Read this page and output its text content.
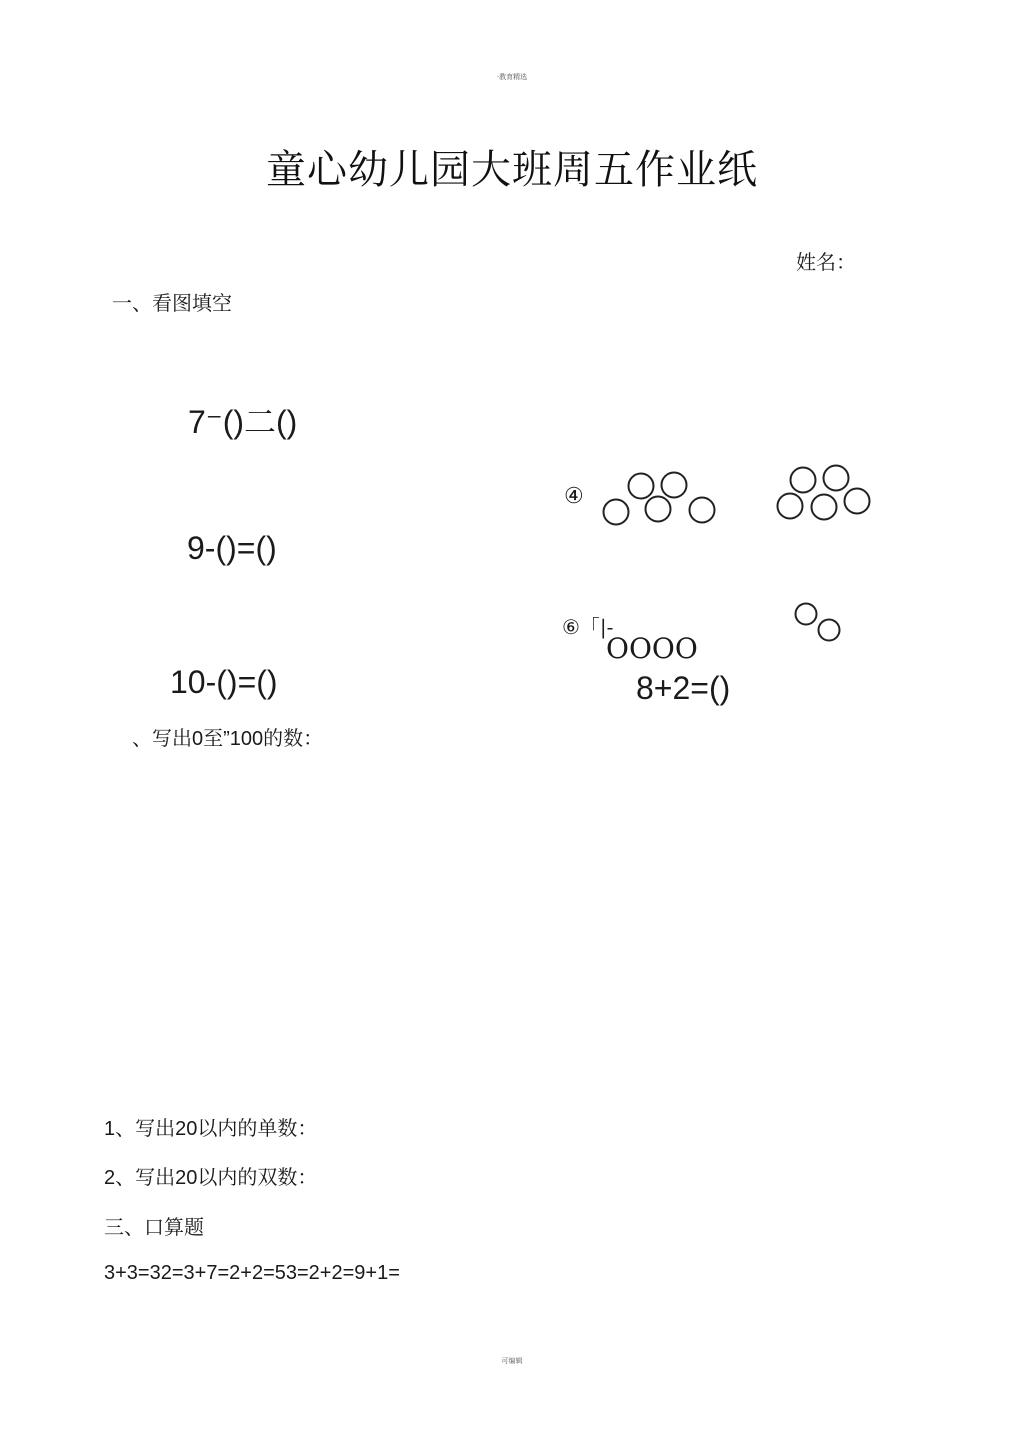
·教育精选
童心幼儿园大班周五作业纸
姓名：
一、看图填空
7⁻()二()
9-()=()
10-()=()
④
⑥「|-
OOOO
8+2=()
、写出0至”100的数：
1、写出20以内的单数：
2、写出20以内的双数：
三、口算题
3+3=32=3+7=2+2=53=2+2=9+1=
可编辑
